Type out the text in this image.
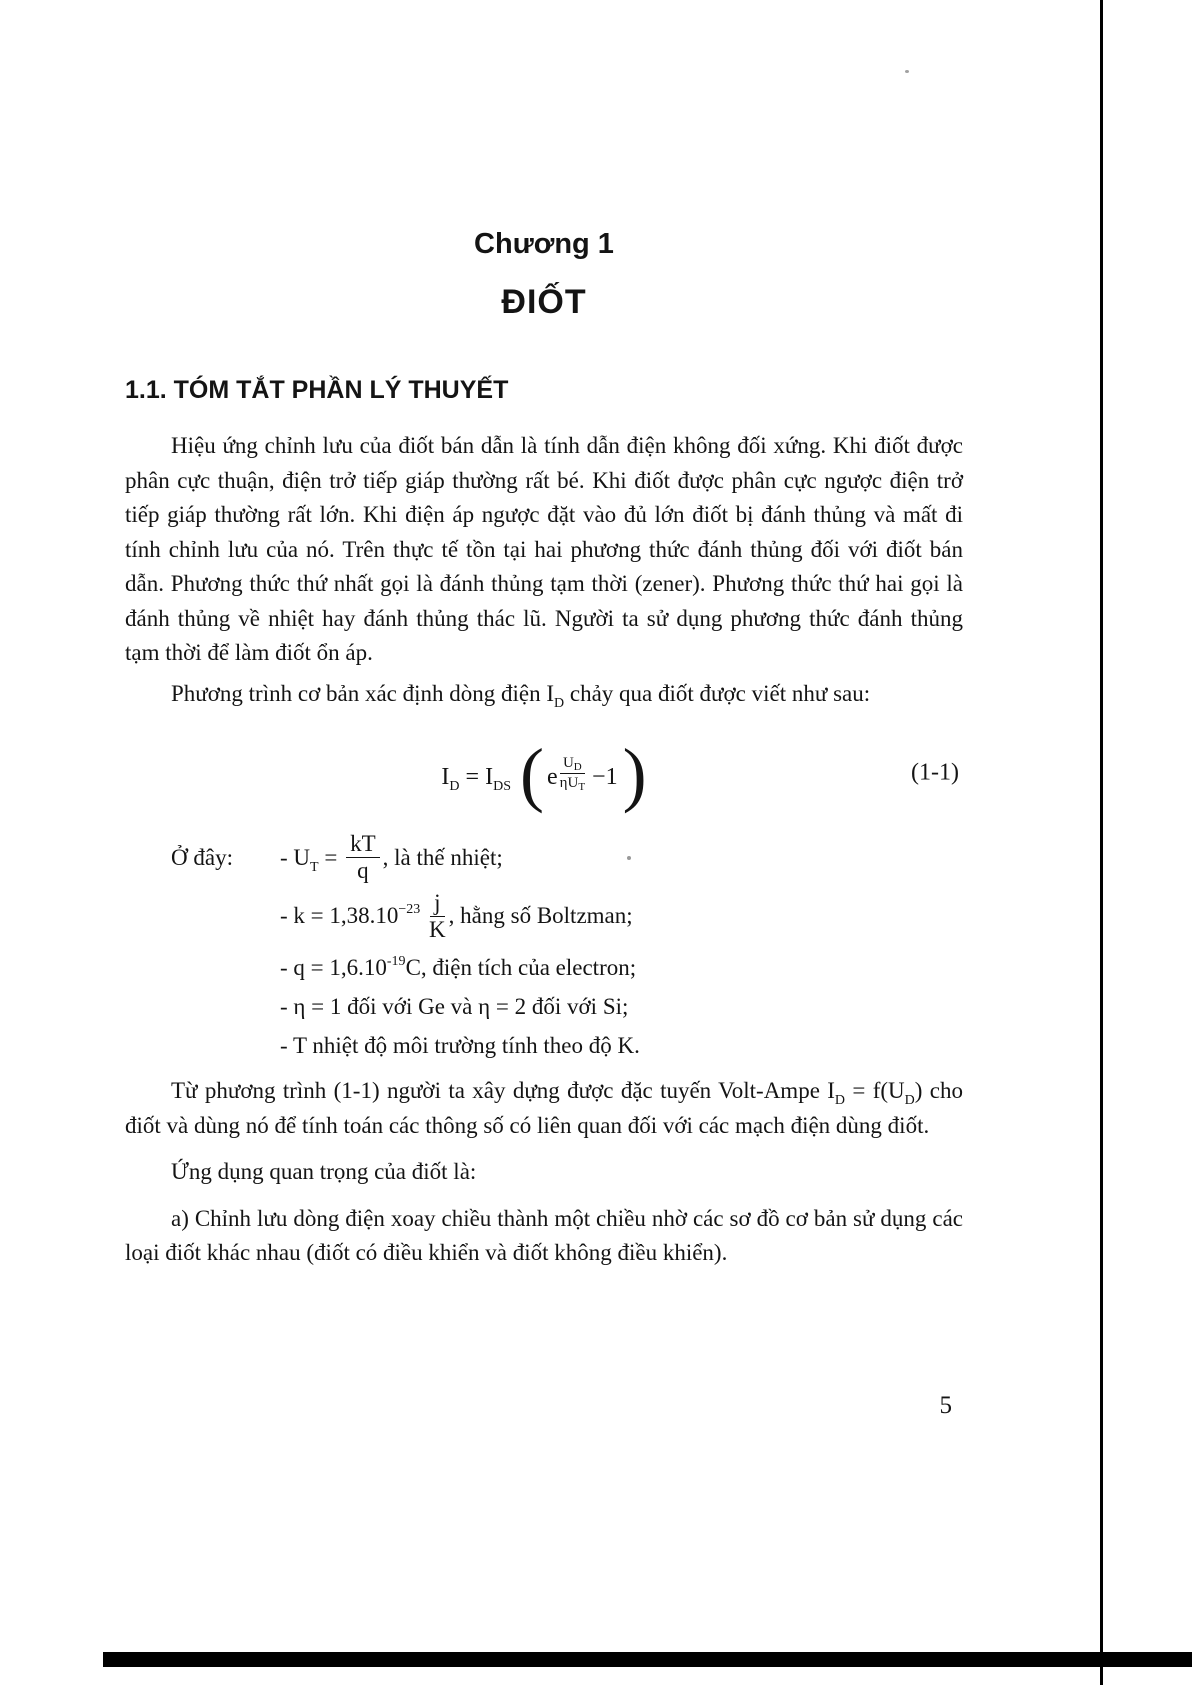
Chương 1
ĐIỐT
1.1. TÓM TẮT PHẦN LÝ THUYẾT

Hiệu ứng chỉnh lưu của điốt bán dẫn là tính dẫn điện không đối xứng. Khi điốt được phân cực thuận, điện trở tiếp giáp thường rất bé. Khi điốt được phân cực ngược điện trở tiếp giáp thường rất lớn. Khi điện áp ngược đặt vào đủ lớn điốt bị đánh thủng và mất đi tính chỉnh lưu của nó. Trên thực tế tồn tại hai phương thức đánh thủng đối với điốt bán dẫn. Phương thức thứ nhất gọi là đánh thủng tạm thời (zener). Phương thức thứ hai gọi là đánh thủng về nhiệt hay đánh thủng thác lũ. Người ta sử dụng phương thức đánh thủng tạm thời để làm điốt ổn áp.

Phương trình cơ bản xác định dòng điện $I_D$ chảy qua điốt được viết như sau:

$I_D = I_{DS}$ ( e $\frac{U_D}{\eta U_T} -1$ )	(1-1)
Ở đây: - $U_T = \frac{kT}{q}$ , là thế nhiệt;
- $k = 1,38.10^{-23} \frac{j}{K}$ , hằng số Boltzman;
- $q = 1,6.10^{-19}C$, điện tích của electron;
- η = 1 đối với Ge và η = 2 đối với Si;
- T nhiệt độ môi trường tính theo độ K.

Từ phương trình (1-1) người ta xây dựng được đặc tuyến Volt-Ampe $I_D = f(U_D)$ cho điốt và dùng nó để tính toán các thông số có liên quan đối với các mạch điện dùng điốt.

Ứng dụng quan trọng của điốt là:

a) Chỉnh lưu dòng điện xoay chiều thành một chiều nhờ các sơ đồ cơ bản sử dụng các loại điốt khác nhau (điốt có điều khiển và điốt không điều khiển).

5
